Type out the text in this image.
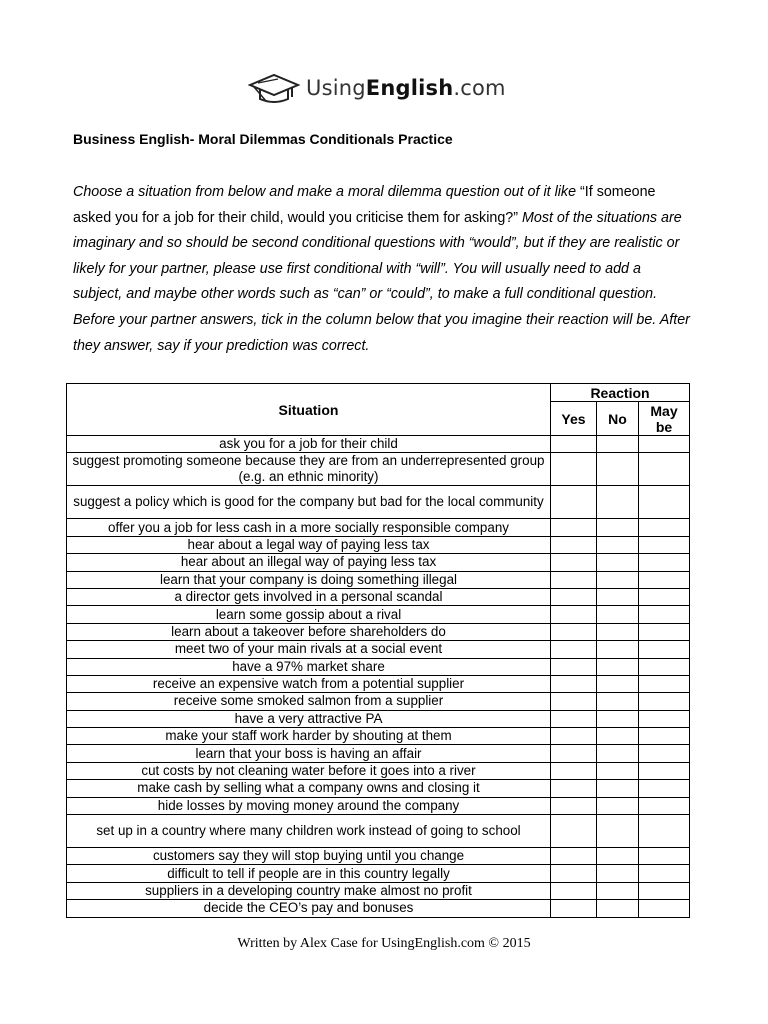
UsingEnglish.com
Business English- Moral Dilemmas Conditionals Practice
Choose a situation from below and make a moral dilemma question out of it like “If someone asked you for a job for their child, would you criticise them for asking?” Most of the situations are imaginary and so should be second conditional questions with “would”, but if they are realistic or likely for your partner, please use first conditional with “will”. You will usually need to add a subject, and maybe other words such as “can” or “could”, to make a full conditional question. Before your partner answers, tick in the column below that you imagine their reaction will be. After they answer, say if your prediction was correct.
Situation	Reaction		
	Yes	No	May be
ask you for a job for their child			
suggest promoting someone because they are from an underrepresented group (e.g. an ethnic minority)			
suggest a policy which is good for the company but bad for the local community			
offer you a job for less cash in a more socially responsible company			
hear about a legal way of paying less tax			
hear about an illegal way of paying less tax			
learn that your company is doing something illegal			
a director gets involved in a personal scandal			
learn some gossip about a rival			
learn about a takeover before shareholders do			
meet two of your main rivals at a social event			
have a 97% market share			
receive an expensive watch from a potential supplier			
receive some smoked salmon from a supplier			
have a very attractive PA			
make your staff work harder by shouting at them			
learn that your boss is having an affair			
cut costs by not cleaning water before it goes into a river			
make cash by selling what a company owns and closing it			
hide losses by moving money around the company			
set up in a country where many children work instead of going to school			
customers say they will stop buying until you change			
difficult to tell if people are in this country legally			
suppliers in a developing country make almost no profit			
decide the CEO’s pay and bonuses			
Written by Alex Case for UsingEnglish.com © 2015
